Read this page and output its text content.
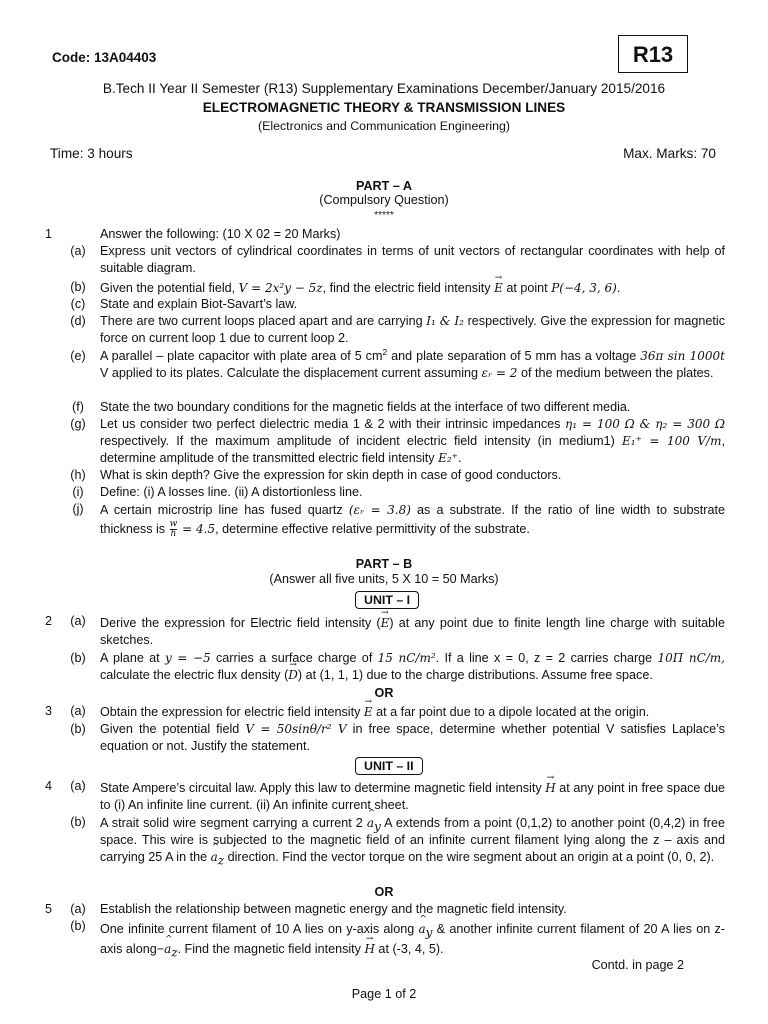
Code: 13A04403	R13
B.Tech II Year II Semester (R13) Supplementary Examinations December/January 2015/2016
ELECTROMAGNETIC THEORY & TRANSMISSION LINES
(Electronics and Communication Engineering)
Time: 3 hours	Max. Marks: 70
PART – A
(Compulsory Question)
*****
1	Answer the following: (10 X 02 = 20 Marks)
(a)	Express unit vectors of cylindrical coordinates in terms of unit vectors of rectangular coordinates with help of suitable diagram.
(b)	Given the potential field, V = 2x²y − 5z, find the electric field intensity → E at point P(−4, 3, 6).
(c)	State and explain Biot-Savart’s law.
(d)	There are two current loops placed apart and are carrying I₁ & I₂ respectively. Give the expression for magnetic force on current loop 1 due to current loop 2.
(e)	A parallel – plate capacitor with plate area of 5 $cm^2$ and plate separation of 5 mm has a voltage 36π sin 1000t V applied to its plates. Calculate the displacement current assuming εᵣ = 2 of the medium between the plates.
(f)	State the two boundary conditions for the magnetic fields at the interface of two different media.
(g)	Let us consider two perfect dielectric media 1 & 2 with their intrinsic impedances η₁ = 100 Ω & η₂ = 300 Ω respectively. If the maximum amplitude of incident electric field intensity (in medium1) E₁⁺ = 100 V/m, determine amplitude of the transmitted electric field intensity E₂⁺.
(h)	What is skin depth? Give the expression for skin depth in case of good conductors.
(i)	Define: (i) A losses line. (ii) A distortionless line.
(j)	A certain microstrip line has fused quartz (εᵣ = 3.8) as a substrate. If the ratio of line width to substrate thickness is $\frac{w}{h} = 4.5$, determine effective relative permittivity of the substrate.
PART – B
(Answer all five units, 5 X 10 = 50 Marks)
UNIT – I
2	(a)	Derive the expression for Electric field intensity (→ E) at any point due to finite length line charge with suitable sketches.
(b)	A plane at y = −5 carries a surface charge of 15 nC/m². If a line x = 0, z = 2 carries charge 10Π nC/m, calculate the electric flux density (→ D) at (1, 1, 1) due to the charge distributions. Assume free space.
OR
3	(a)	Obtain the expression for electric field intensity → E at a far point due to a dipole located at the origin.
(b)	Given the potential field V = 50sinθ/r² V in free space, determine whether potential V satisfies Laplace’s equation or not. Justify the statement.
UNIT – II
4	(a)	State Ampere’s circuital law. Apply this law to determine magnetic field intensity → H at any point in free space due to (i) An infinite line current. (ii) An infinite current sheet.
(b)	A strait solid wire segment carrying a current 2 ^ $a_y$ A extends from a point (0,1,2) to another point (0,4,2) in free space. This wire is subjected to the magnetic field of an infinite current filament lying along the z – axis and carrying 25 A in the ^ $a_z$ direction. Find the vector torque on the wire segment about an origin at a point (0, 0, 2).
OR
5	(a)	Establish the relationship between magnetic energy and the magnetic field intensity.
(b)	One infinite current filament of 10 A lies on y-axis along ^ $a_y$ & another infinite current filament of 20 A lies on z-axis along−^ $a_z$. Find the magnetic field intensity → H at (-3, 4, 5).
Contd. in page 2
Page 1 of 2
